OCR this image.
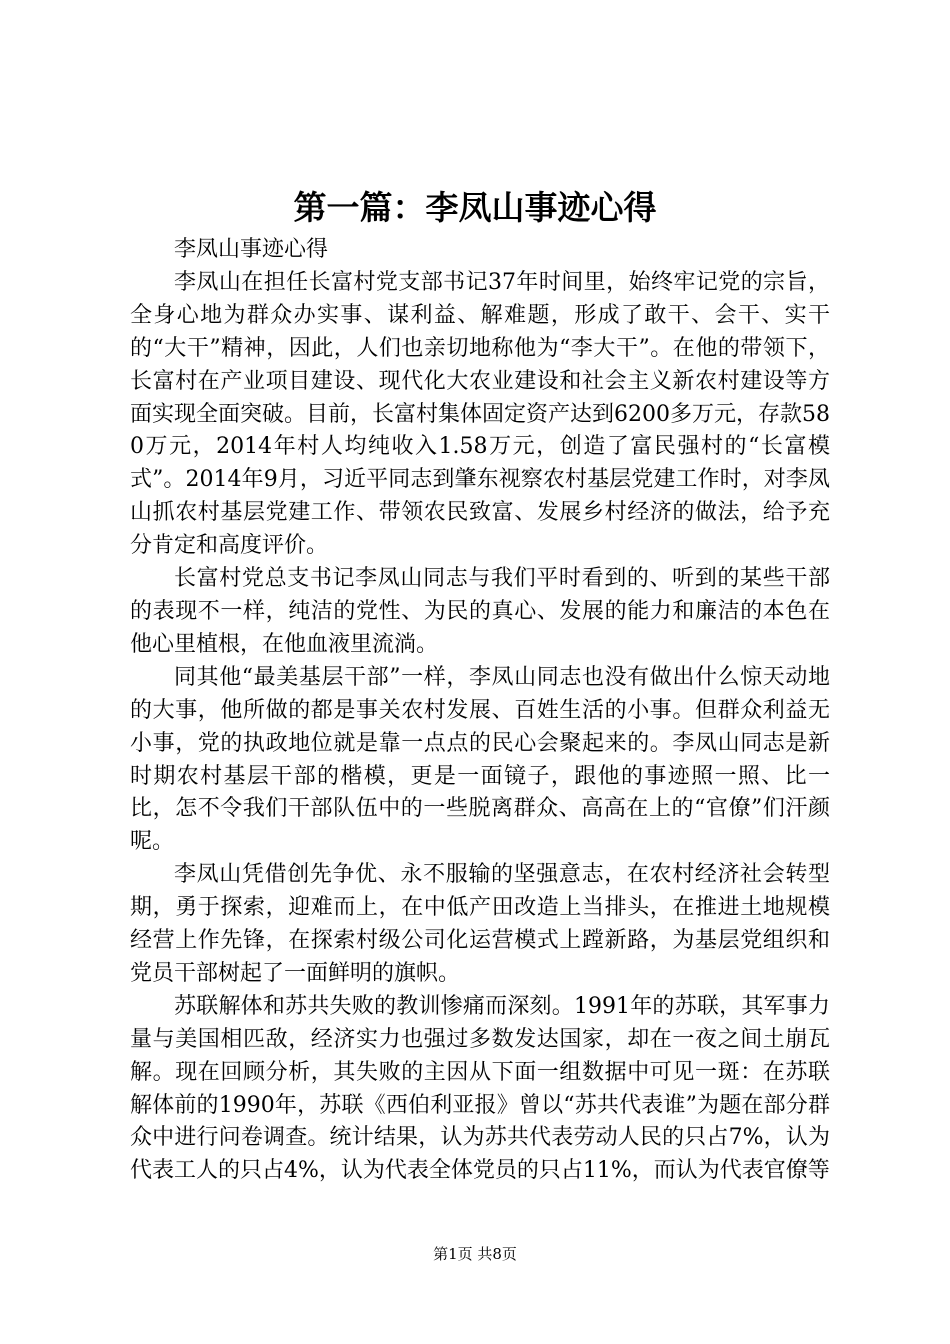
第一篇：李凤山事迹心得

李凤山事迹心得

李凤山在担任长富村党支部书记37年时间里，始终牢记党的宗旨，全身心地为群众办实事、谋利益、解难题，形成了敢干、会干、实干的“大干”精神，因此，人们也亲切地称他为“李大干”。在他的带领下，长富村在产业项目建设、现代化大农业建设和社会主义新农村建设等方面实现全面突破。目前，长富村集体固定资产达到6200多万元，存款580万元，2014年村人均纯收入1.58万元，创造了富民强村的“长富模式”。2014年9月，习近平同志到肇东视察农村基层党建工作时，对李凤山抓农村基层党建工作、带领农民致富、发展乡村经济的做法，给予充分肯定和高度评价。

长富村党总支书记李凤山同志与我们平时看到的、听到的某些干部的表现不一样，纯洁的党性、为民的真心、发展的能力和廉洁的本色在他心里植根，在他血液里流淌。

同其他“最美基层干部”一样，李凤山同志也没有做出什么惊天动地的大事，他所做的都是事关农村发展、百姓生活的小事。但群众利益无小事，党的执政地位就是靠一点点的民心会聚起来的。李凤山同志是新时期农村基层干部的楷模，更是一面镜子，跟他的事迹照一照、比一比，怎不令我们干部队伍中的一些脱离群众、高高在上的“官僚”们汗颜呢。

李凤山凭借创先争优、永不服输的坚强意志，在农村经济社会转型期，勇于探索，迎难而上，在中低产田改造上当排头，在推进土地规模经营上作先锋，在探索村级公司化运营模式上蹚新路，为基层党组织和党员干部树起了一面鲜明的旗帜。

苏联解体和苏共失败的教训惨痛而深刻。1991年的苏联，其军事力量与美国相匹敌，经济实力也强过多数发达国家，却在一夜之间土崩瓦解。现在回顾分析，其失败的主因从下面一组数据中可见一斑：在苏联解体前的1990年，苏联《西伯利亚报》曾以“苏共代表谁”为题在部分群众中进行问卷调查。统计结果，认为苏共代表劳动人民的只占7%，认为代表工人的只占4%，认为代表全体党员的只占11%，而认为代表官僚等

第1页 共8页
